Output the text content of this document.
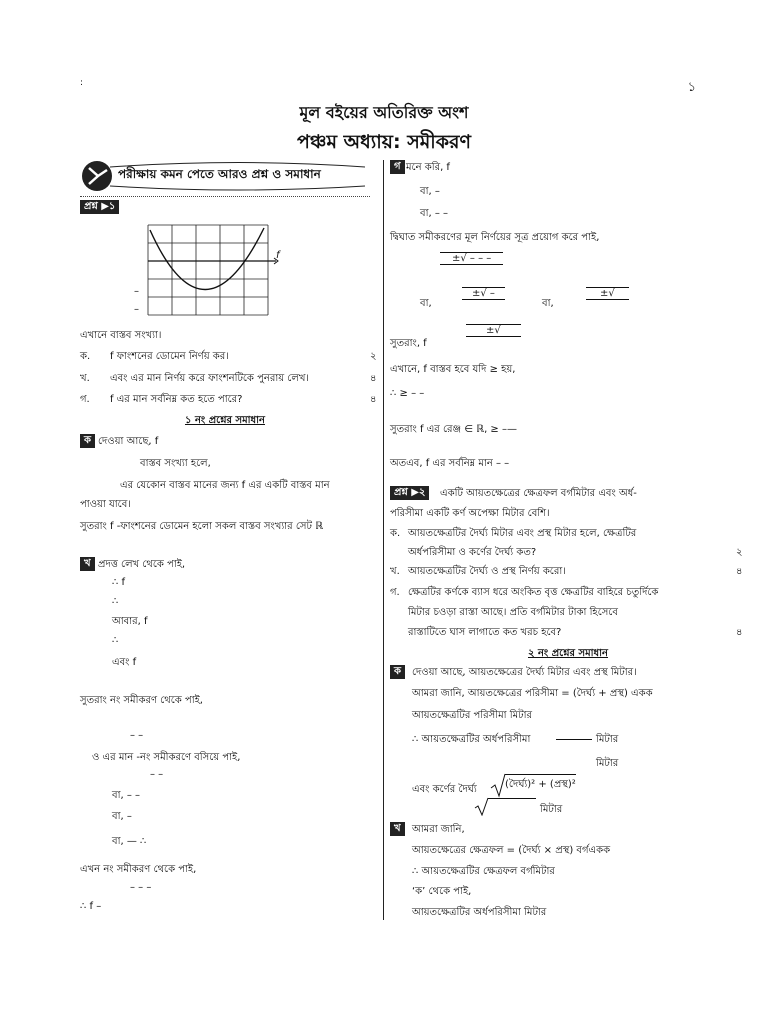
:	১
মূল বইয়ের অতিরিক্ত অংশ
পঞ্চম অধ্যায়: সমীকরণ
পরীক্ষায় কমন পেতে আরও প্রশ্ন ও সমাধান
প্রশ্ন ▶১
f
–
–
এখানে বাস্তব সংখ্যা।
ক. f ফাংশনের ডোমেন নির্ণয় কর।	২
খ. এবং এর মান নির্ণয় করে ফাংশনটিকে পুনরায় লেখ।	৪
গ. f এর মান সর্বনিম্ন কত হতে পারে?	৪
১ নং প্রশ্নের সমাধান
ক দেওয়া আছে, f
বাস্তব সংখ্যা হলে,
এর যেকোন বাস্তব মানের জন্য f এর একটি বাস্তব মান
পাওয়া যাবে।
সুতরাং f -ফাংশনের ডোমেন হলো সকল বাস্তব সংখ্যার সেট ℝ
খ প্রদত্ত লেখ থেকে পাই,
∴ f
∴
আবার, f
∴
এবং f
সুতরাং নং সমীকরণ থেকে পাই,
– –
ও এর মান -নং সমীকরণে বসিয়ে পাই,
– –
বা, – –
বা, –
বা, — ∴
এখন নং সমীকরণ থেকে পাই,
– – –
∴ f –
গ মনে করি, f
বা, –
বা, – –
দ্বিঘাত সমীকরণের মূল নির্ণয়ের সূত্র প্রয়োগ করে পাই,
±√ – – –
বা,
±√ –
বা,
±√
সুতরাং, f
±√
এখানে, f বাস্তব হবে যদি ≥ হয়,
∴ ≥ – –
সুতরাং f এর রেঞ্জ ∈ ℝ, ≥ –—
অতএব, f এর সর্বনিম্ন মান – –
প্রশ্ন ▶২	একটি আয়তক্ষেত্রের ক্ষেত্রফল বর্গমিটার এবং অর্ধ-
পরিসীমা একটি কর্ণ অপেক্ষা মিটার বেশি।
ক. আয়তক্ষেত্রটির দৈর্ঘ্য মিটার এবং প্রস্থ মিটার হলে, ক্ষেত্রটির
অর্ধপরিসীমা ও কর্ণের দৈর্ঘ্য কত?	২
খ. আয়তক্ষেত্রটির দৈর্ঘ্য ও প্রস্থ নির্ণয় করো।	৪
গ. ক্ষেত্রটির কর্ণকে ব্যাস ধরে অংকিত বৃত্ত ক্ষেত্রটির বাহিরে চতুর্দিকে
মিটার চওড়া রাস্তা আছে। প্রতি বর্গমিটার টাকা হিসেবে
রাস্তাটিতে ঘাস লাগাতে কত খরচ হবে?	৪
২ নং প্রশ্নের সমাধান
ক	দেওয়া আছে, আয়তক্ষেত্রের দৈর্ঘ্য মিটার এবং প্রস্থ মিটার।
আমরা জানি, আয়তক্ষেত্রের পরিসীমা = (দৈর্ঘ্য + প্রস্থ) একক
আয়তক্ষেত্রটির পরিসীমা মিটার
∴ আয়তক্ষেত্রটির অর্ধপরিসীমা	মিটার
মিটার
এবং কর্ণের দৈর্ঘ্য	(দৈর্ঘ্য)² + (প্রস্থ)²
মিটার
খ	আমরা জানি,
আয়তক্ষেত্রের ক্ষেত্রফল = (দৈর্ঘ্য × প্রস্থ) বর্গএকক
∴ আয়তক্ষেত্রটির ক্ষেত্রফল বর্গমিটার
‘ক’ থেকে পাই,
আয়তক্ষেত্রটির অর্ধপরিসীমা মিটার
